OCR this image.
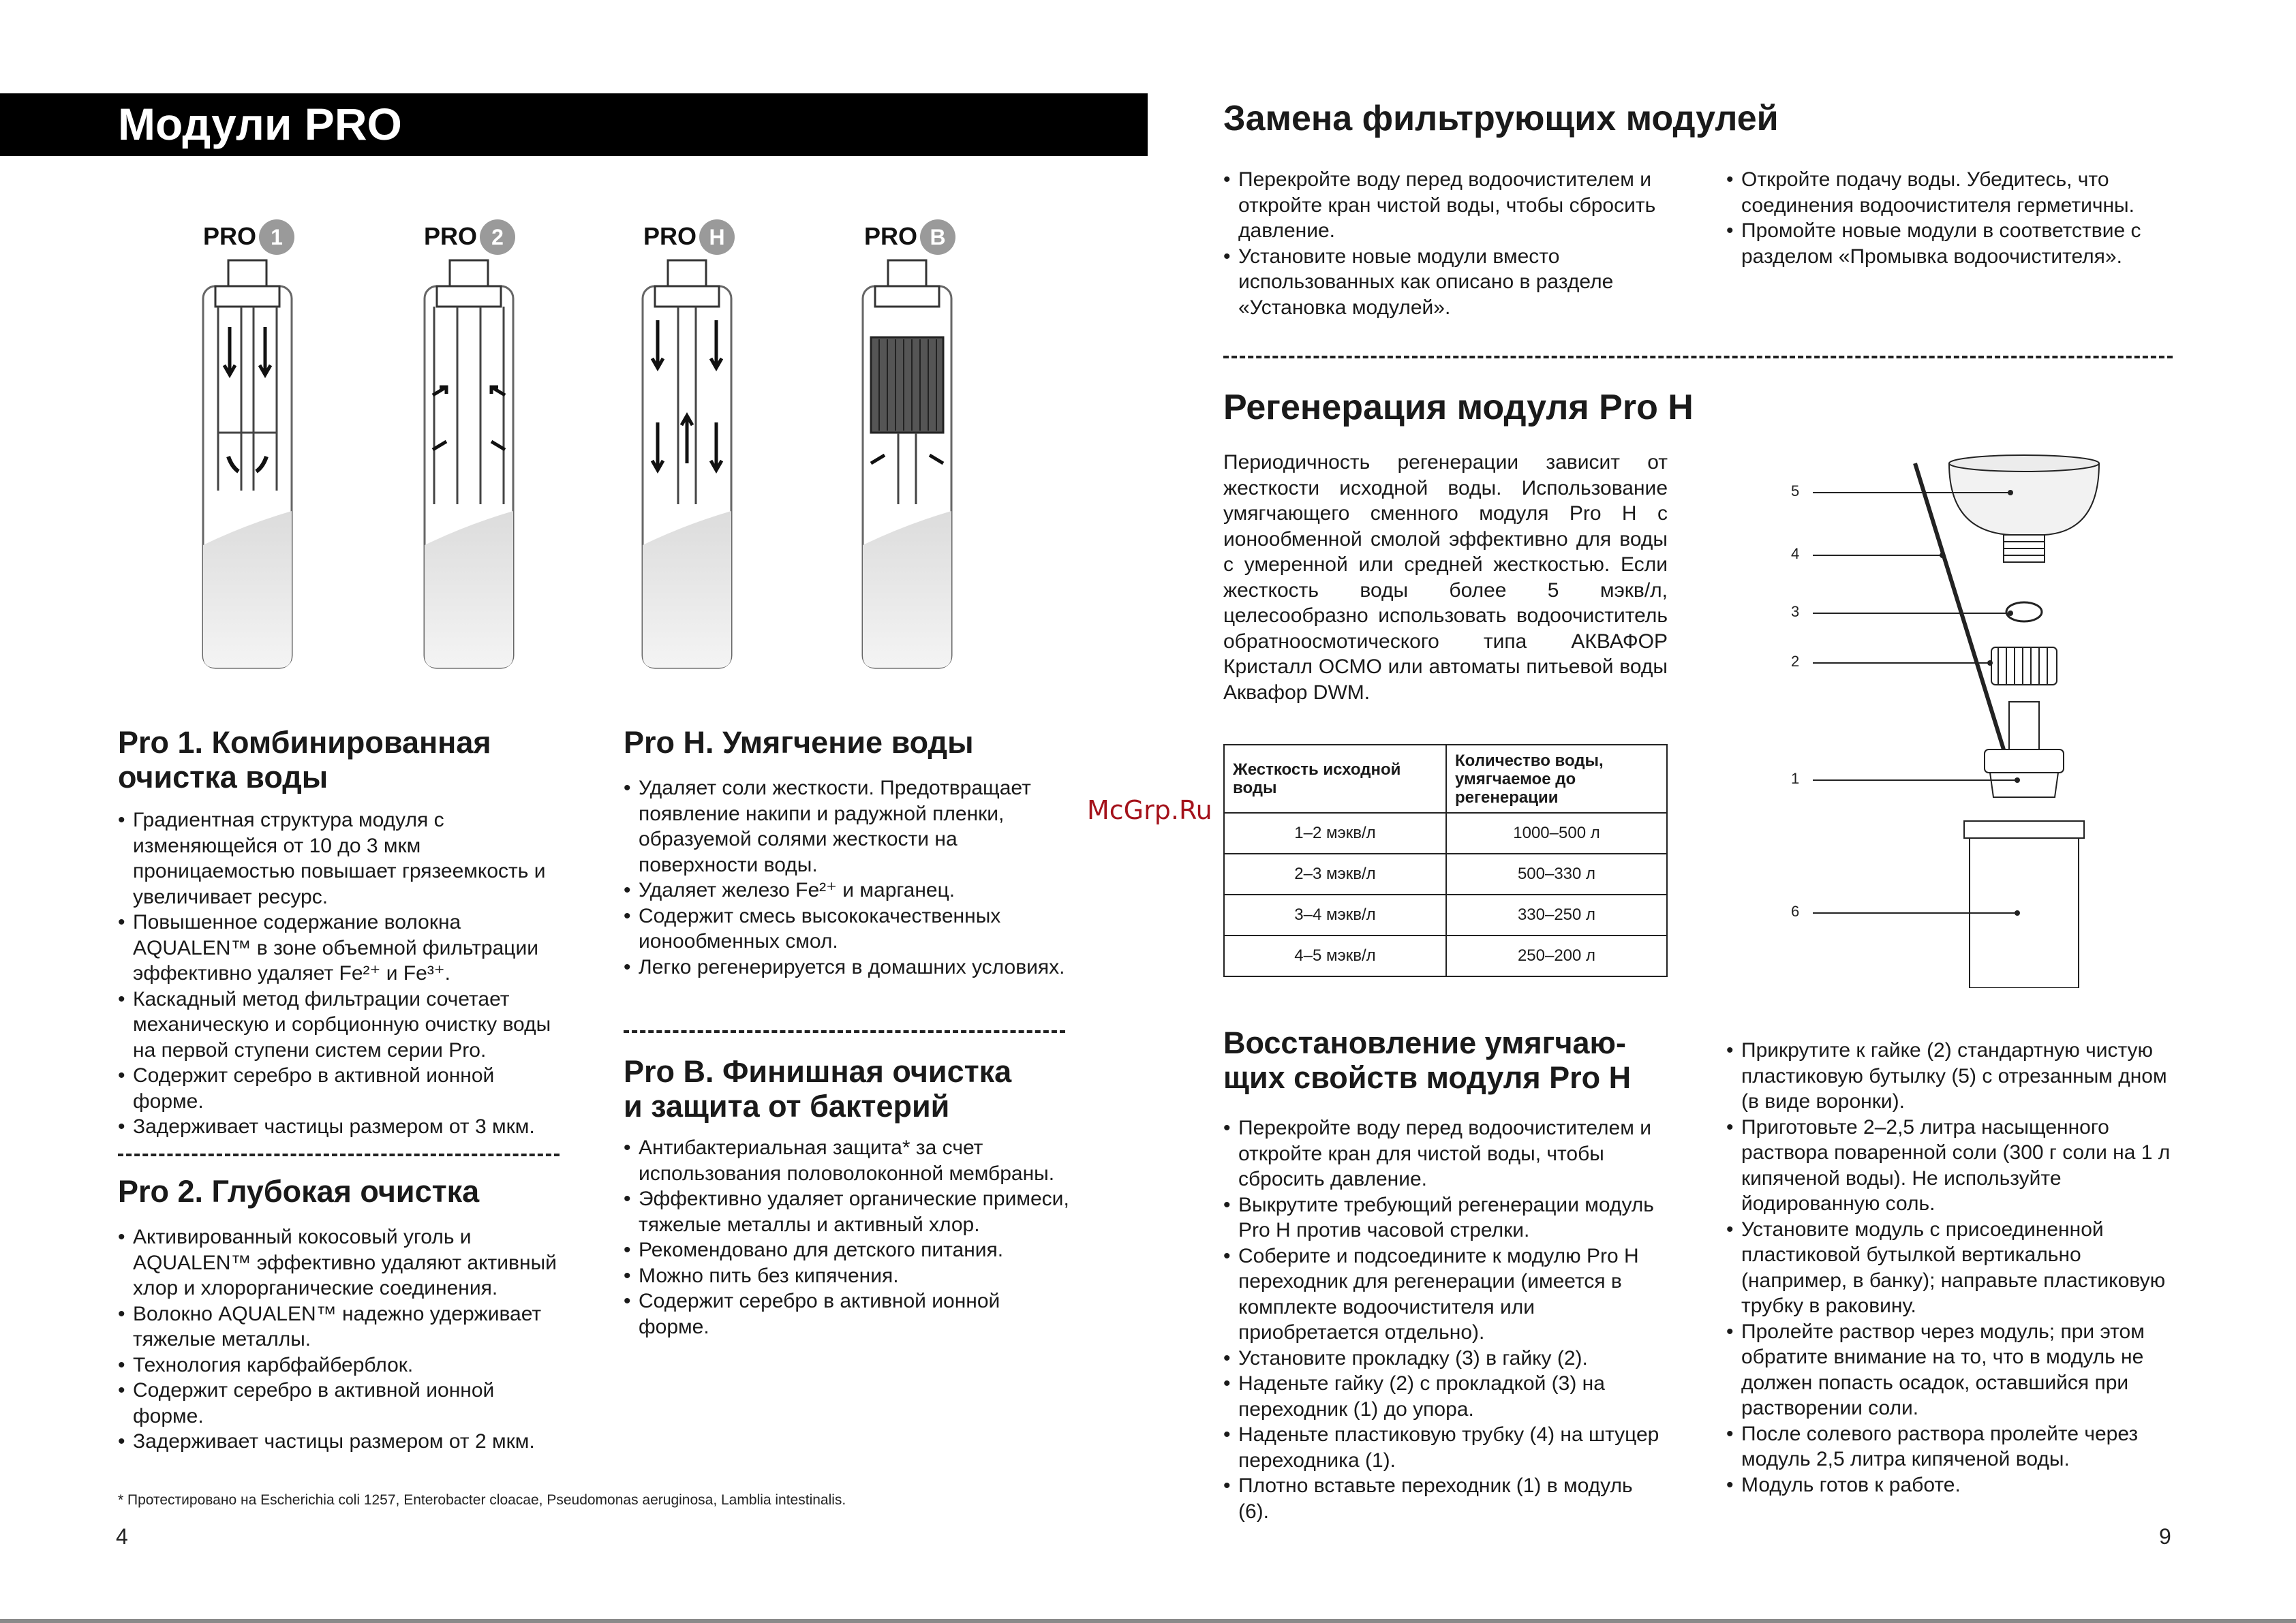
Модули PRO
PRO 1	PRO 2	PRO H	PRO B
Pro 1. Комбинированная
очистка воды
• Градиентная структура модуля с изменяющейся от 10 до 3 мкм проницаемостью повышает грязеемкость и увеличивает ресурс.
• Повышенное содержание волокна AQUALEN™ в зоне объемной фильтрации эффективно удаляет Fe²⁺ и Fe³⁺.
• Каскадный метод фильтрации сочетает механическую и сорбционную очистку воды на первой ступени систем серии Pro.
• Содержит серебро в активной ионной форме.
• Задерживает частицы размером от 3 мкм.
Pro 2. Глубокая очистка
• Активированный кокосовый уголь и AQUALEN™ эффективно удаляют активный хлор и хлорорганические соединения.
• Волокно AQUALEN™ надежно удерживает тяжелые металлы.
• Технология карбфайберблок.
• Содержит серебро в активной ионной форме.
• Задерживает частицы размером от 2 мкм.
Pro H. Умягчение воды
• Удаляет соли жесткости. Предотвращает появление накипи и радужной пленки, образуемой солями жесткости на поверхности воды.
• Удаляет железо Fe²⁺ и марганец.
• Содержит смесь высококачественных ионообменных смол.
• Легко регенерируется в домашних условиях.
Pro B. Финишная очистка
и защита от бактерий
• Антибактериальная защита* за счет использования половолоконной мембраны.
• Эффективно удаляет органические примеси, тяжелые металлы и активный хлор.
• Рекомендовано для детского питания.
• Можно пить без кипячения.
• Содержит серебро в активной ионной форме.
* Протестировано на Escherichia coli 1257, Enterobacter cloacae, Pseudomonas aeruginosa, Lamblia intestinalis.
4
McGrp.Ru
Замена фильтрующих модулей
• Перекройте воду перед водоочистителем и откройте кран чистой воды, чтобы сбросить давление.
• Установите новые модули вместо использованных как описано в разделе «Установка модулей».
• Откройте подачу воды. Убедитесь, что соединения водоочистителя герметичны.
• Промойте новые модули в соответствие с разделом «Промывка водоочистителя».
Регенерация модуля Pro H

Периодичность регенерации зависит от жесткости исходной воды. Использование умягчающего сменного модуля Pro H с ионообменной смолой эффективно для воды с умеренной или средней жесткостью. Если жесткость воды более 5 мэкв/л, целесообразно использовать водоочиститель обратноосмотического типа АКВАФОР Кристалл ОСМО или автоматы питьевой воды Аквафор DWM.

Жесткость исходной воды	Количество воды, умягчаемое до регенерации
1–2 мэкв/л	1000–500 л
2–3 мэкв/л	500–330 л
3–4 мэкв/л	330–250 л
4–5 мэкв/л	250–200 л
5
4
3
2
1
6
Восстановление умягчаю-
щих свойств модуля Pro H
• Перекройте воду перед водоочистителем и откройте кран для чистой воды, чтобы сбросить давление.
• Выкрутите требующий регенерации модуль Pro H против часовой стрелки.
• Соберите и подсоедините к модулю Pro H переходник для регенерации (имеется в комплекте водоочистителя или приобретается отдельно).
• Установите прокладку (3) в гайку (2).
• Наденьте гайку (2) с прокладкой (3) на переходник (1) до упора.
• Наденьте пластиковую трубку (4) на штуцер переходника (1).
• Плотно вставьте переходник (1) в модуль (6).
• Прикрутите к гайке (2) стандартную чистую пластиковую бутылку (5) с отрезанным дном (в виде воронки).
• Приготовьте 2–2,5 литра насыщенного раствора поваренной соли (300 г соли на 1 л кипяченой воды). Не используйте йодированную соль.
• Установите модуль с присоединенной пластиковой бутылкой вертикально (например, в банку); направьте пластиковую трубку в раковину.
• Пролейте раствор через модуль; при этом обратите внимание на то, что в модуль не должен попасть осадок, оставшийся при растворении соли.
• После солевого раствора пролейте через модуль 2,5 литра кипяченой воды.
• Модуль готов к работе.
9
